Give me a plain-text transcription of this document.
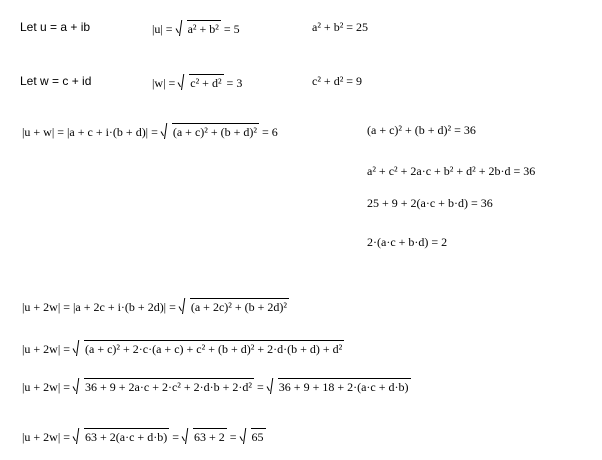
Let u = a + ib	|u| = a² + b² = 5	a² + b² = 25
Let w = c + id	|w| = c² + d² = 3	c² + d² = 9
|u + w| = |a + c + i·(b + d)| = (a + c)² + (b + d)² = 6	(a + c)² + (b + d)² = 36
a² + c² + 2a·c + b² + d² + 2b·d = 36
25 + 9 + 2(a·c + b·d) = 36
2·(a·c + b·d) = 2
|u + 2w| = |a + 2c + i·(b + 2d)| = (a + 2c)² + (b + 2d)²
|u + 2w| = (a + c)² + 2·c·(a + c) + c² + (b + d)² + 2·d·(b + d) + d²
|u + 2w| = 36 + 9 + 2a·c + 2·c² + 2·d·b + 2·d² = 36 + 9 + 18 + 2·(a·c + d·b)
|u + 2w| = 63 + 2(a·c + d·b) = 63 + 2 = 65
